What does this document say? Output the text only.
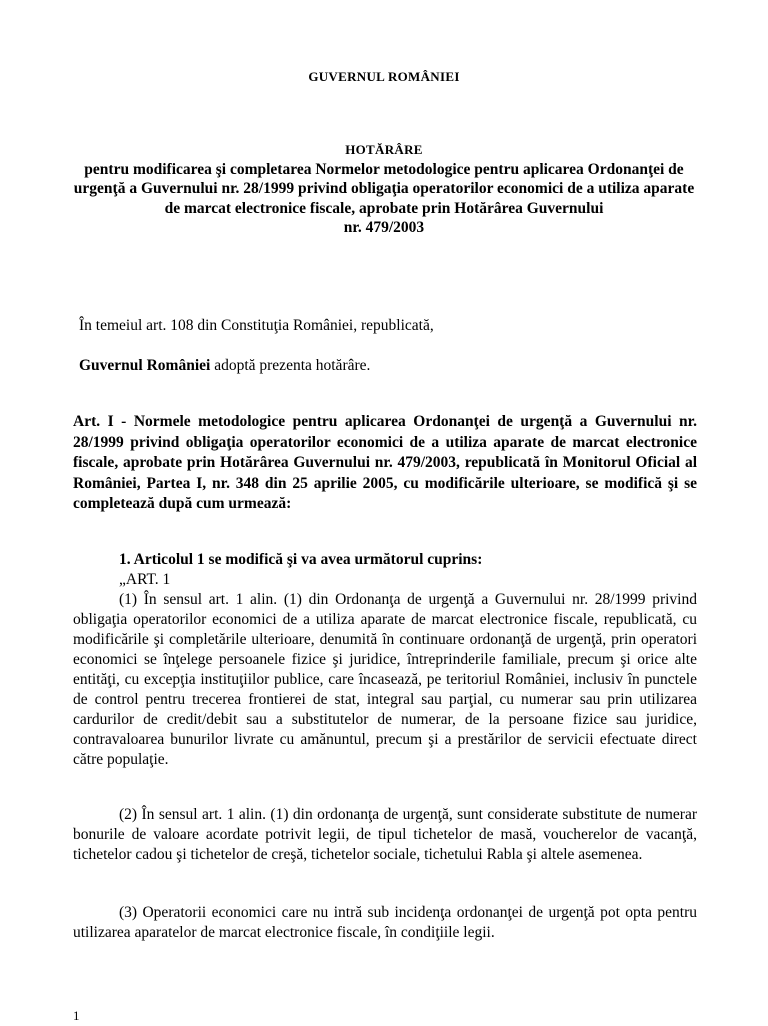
GUVERNUL ROMÂNIEI
HOTĂRÂRE
pentru modificarea şi completarea Normelor metodologice pentru aplicarea Ordonanţei de urgenţă a Guvernului nr. 28/1999 privind obligaţia operatorilor economici de a utiliza aparate de marcat electronice fiscale, aprobate prin Hotărârea Guvernului
nr. 479/2003
În temeiul art. 108 din Constituţia României, republicată,
Guvernul României adoptă prezenta hotărâre.
Art. I - Normele metodologice pentru aplicarea Ordonanţei de urgenţă a Guvernului nr. 28/1999 privind obligaţia operatorilor economici de a utiliza aparate de marcat electronice fiscale, aprobate prin Hotărârea Guvernului nr. 479/2003, republicată în Monitorul Oficial al României, Partea I, nr. 348 din 25 aprilie 2005, cu modificările ulterioare, se modifică şi se completează după cum urmează:
1. Articolul 1 se modifică şi va avea următorul cuprins:
„ART. 1
(1) În sensul art. 1 alin. (1) din Ordonanţa de urgenţă a Guvernului nr. 28/1999 privind obligaţia operatorilor economici de a utiliza aparate de marcat electronice fiscale, republicată, cu modificările şi completările ulterioare, denumită în continuare ordonanţă de urgenţă, prin operatori economici se înţelege persoanele fizice şi juridice, întreprinderile familiale, precum şi orice alte entităţi, cu excepţia instituţiilor publice, care încasează, pe teritoriul României, inclusiv în punctele de control pentru trecerea frontierei de stat, integral sau parţial, cu numerar sau prin utilizarea cardurilor de credit/debit sau a substitutelor de numerar, de la persoane fizice sau juridice, contravaloarea bunurilor livrate cu amănuntul, precum şi a prestărilor de servicii efectuate direct către populaţie.
(2) În sensul art. 1 alin. (1) din ordonanţa de urgenţă, sunt considerate substitute de numerar bonurile de valoare acordate potrivit legii, de tipul tichetelor de masă, voucherelor de vacanţă, tichetelor cadou şi tichetelor de creşă, tichetelor sociale, tichetului Rabla şi altele asemenea.
(3) Operatorii economici care nu intră sub incidenţa ordonanţei de urgenţă pot opta pentru utilizarea aparatelor de marcat electronice fiscale, în condiţiile legii.
1
